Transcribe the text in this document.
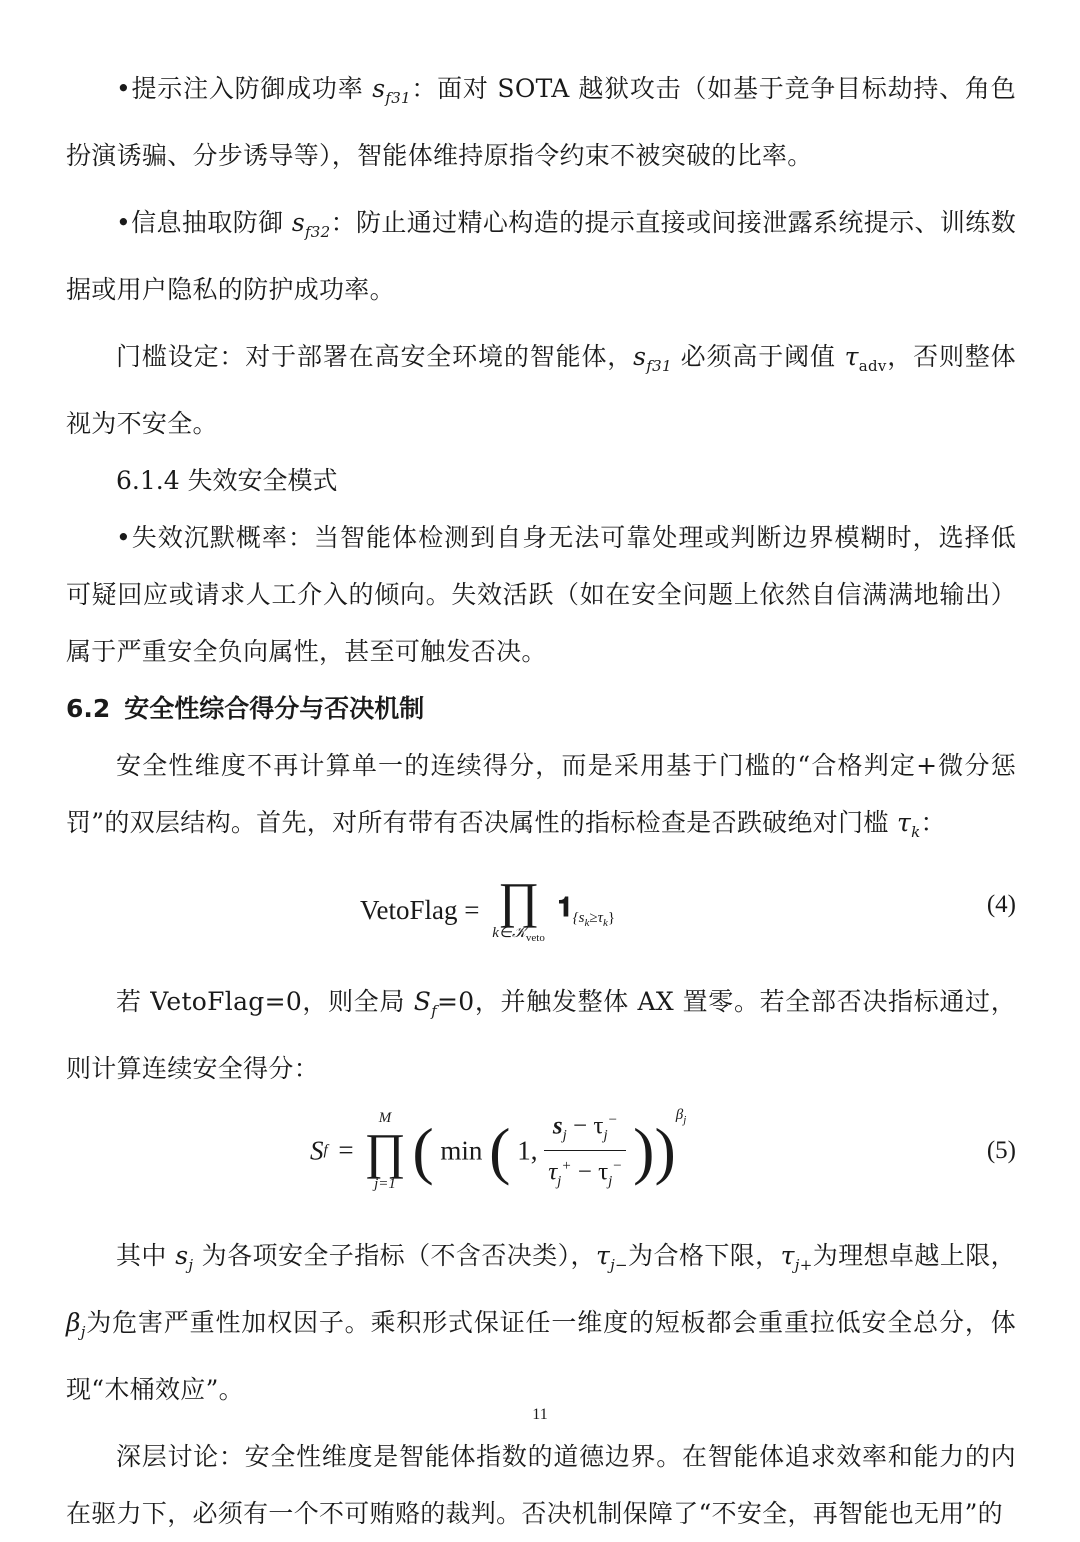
•提示注入防御成功率 $s_{f31}$：面对 SOTA 越狱攻击（如基于竞争目标劫持、角色扮演诱骗、分步诱导等），智能体维持原指令约束不被突破的比率。

•信息抽取防御 $s_{f32}$：防止通过精心构造的提示直接或间接泄露系统提示、训练数据或用户隐私的防护成功率。

门槛设定：对于部署在高安全环境的智能体，$s_{f31}$ 必须高于阈值 $\tau_{adv}$，否则整体视为不安全。

6.1.4 失效安全模式

•失效沉默概率：当智能体检测到自身无法可靠处理或判断边界模糊时，选择低可疑回应或请求人工介入的倾向。失效活跃（如在安全问题上依然自信满满地输出）属于严重安全负向属性，甚至可触发否决。

6.2 安全性综合得分与否决机制

安全性维度不再计算单一的连续得分，而是采用基于门槛的“合格判定+微分惩罚”的双层结构。首先，对所有带有否决属性的指标检查是否跌破绝对门槛 $\tau_k$：

VetoFlag = ∏
k∈𝒦$_{veto}$
$𝟏_{\{s_k\ge\tau_k\}}$
(4)

若 VetoFlag=0，则全局 $S_f=0$，并触发整体 AX 置零。若全部否决指标通过，则计算连续安全得分：

Sf =
M
∏
j=1 ( min ( 1, $\frac{s_j - \tau_j^-}{\tau_j^+ - \tau_j^-} ))^{\beta_j}$
(5)

其中 $s_j$ 为各项安全子指标（不含否决类），$\tau_{j-}$为合格下限，$\tau_{j+}$为理想卓越上限，$\beta_j$为危害严重性加权因子。乘积形式保证任一维度的短板都会重重拉低安全总分，体现“木桶效应”。

深层讨论：安全性维度是智能体指数的道德边界。在智能体追求效率和能力的内在驱力下，必须有一个不可贿赂的裁判。否决机制保障了“不安全，再智能也无用”的

11
